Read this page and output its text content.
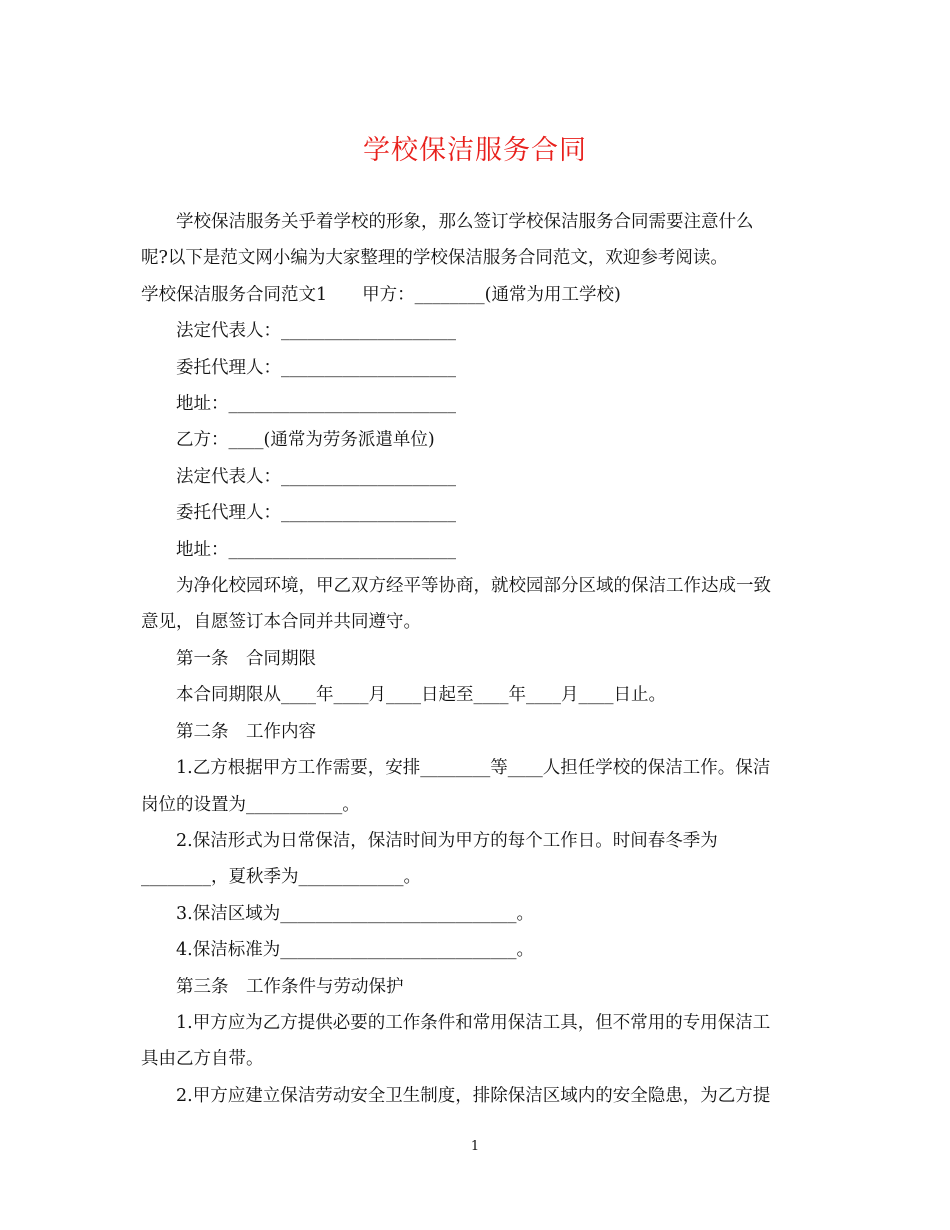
学校保洁服务合同

学校保洁服务关乎着学校的形象，那么签订学校保洁服务合同需要注意什么

呢?以下是范文网小编为大家整理的学校保洁服务合同范文，欢迎参考阅读。

学校保洁服务合同范文1　　甲方：________(通常为用工学校)

法定代表人：____________________

委托代理人：____________________

地址：__________________________

乙方：____(通常为劳务派遣单位)

法定代表人：____________________

委托代理人：____________________

地址：__________________________

为净化校园环境，甲乙双方经平等协商，就校园部分区域的保洁工作达成一致

意见，自愿签订本合同并共同遵守。

第一条　合同期限

本合同期限从____年____月____日起至____年____月____日止。

第二条　工作内容

1.乙方根据甲方工作需要，安排________等____人担任学校的保洁工作。保洁

岗位的设置为___________。

2.保洁形式为日常保洁，保洁时间为甲方的每个工作日。时间春冬季为

________，夏秋季为____________。

3.保洁区域为___________________________。

4.保洁标准为___________________________。

第三条　工作条件与劳动保护

1.甲方应为乙方提供必要的工作条件和常用保洁工具，但不常用的专用保洁工

具由乙方自带。

2.甲方应建立保洁劳动安全卫生制度，排除保洁区域内的安全隐患，为乙方提

1
